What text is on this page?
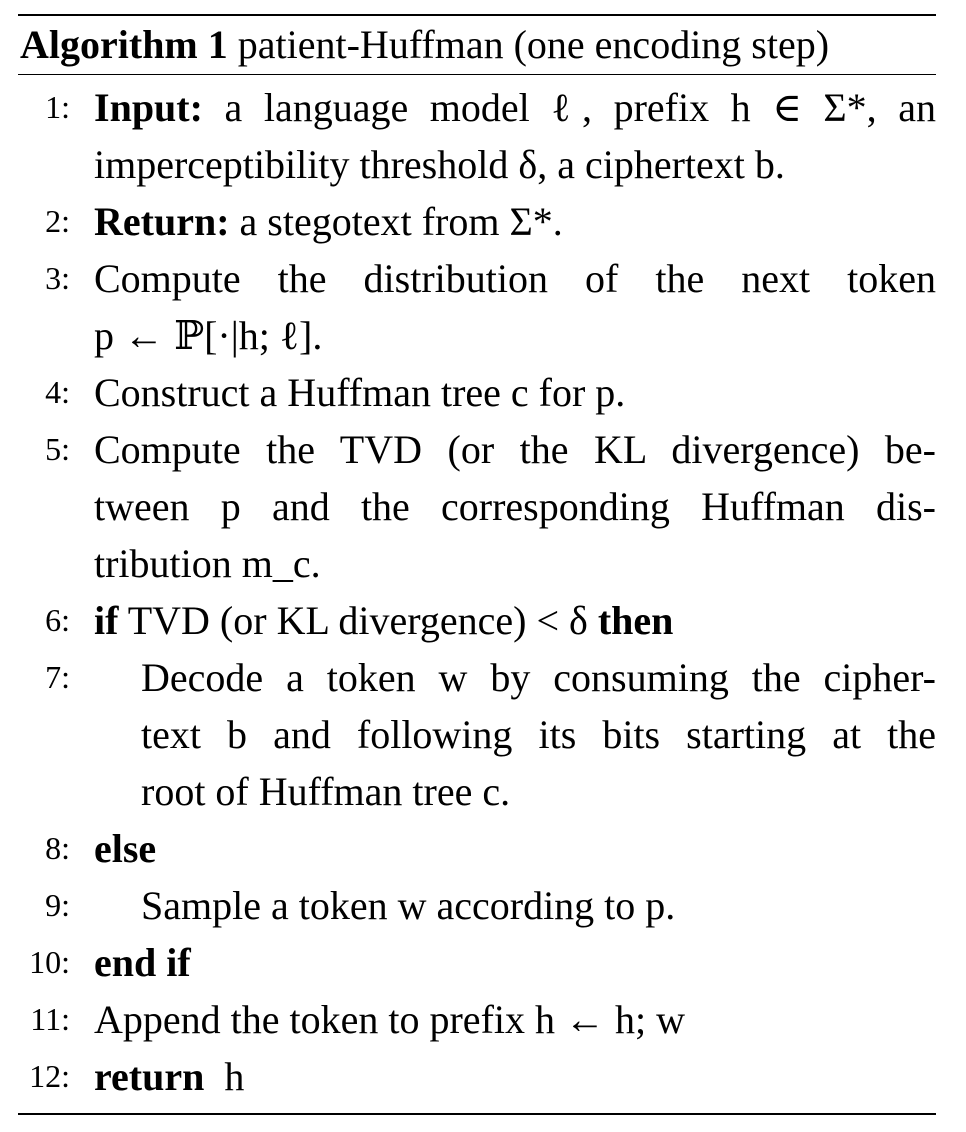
Algorithm 1 patient-Huffman (one encoding step)
1: Input: a language model ℓ, prefix h ∈ Σ*, an
imperceptibility threshold δ, a ciphertext b.
2: Return: a stegotext from Σ*.
3: Compute the distribution of the next token
p ← ℙ[·|h; ℓ].
4: Construct a Huffman tree c for p.
5: Compute the TVD (or the KL divergence) be-
tween p and the corresponding Huffman dis-
tribution m_c.
6: if TVD (or KL divergence) < δ then
7: Decode a token w by consuming the cipher-
text b and following its bits starting at the
root of Huffman tree c.
8: else
9: Sample a token w according to p.
10: end if
11: Append the token to prefix h ← h; w
12: return  h
